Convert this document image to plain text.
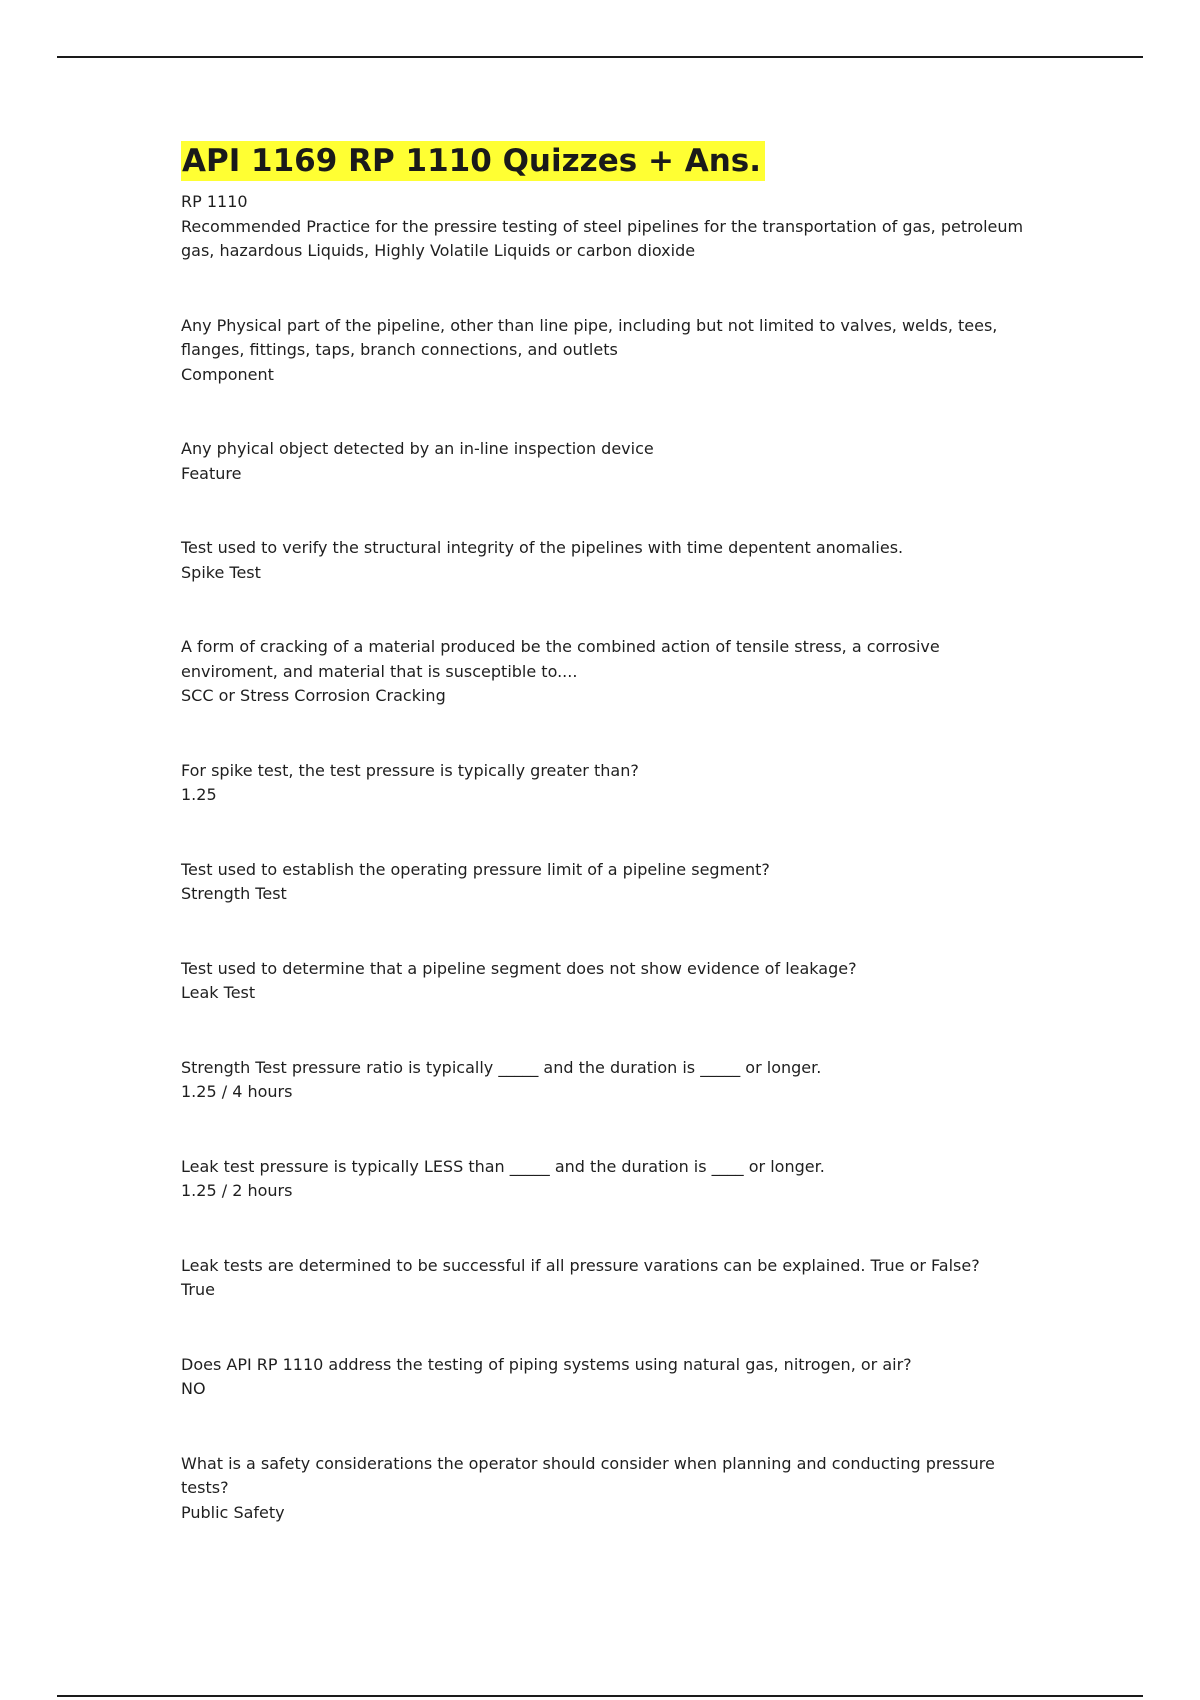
API 1169 RP 1110 Quizzes + Ans.

RP 1110

Recommended Practice for the pressire testing of steel pipelines for the transportation of gas, petroleum gas, hazardous Liquids, Highly Volatile Liquids or carbon dioxide

Any Physical part of the pipeline, other than line pipe, including but not limited to valves, welds, tees, flanges, fittings, taps, branch connections, and outlets

Component

Any phyical object detected by an in-line inspection device

Feature

Test used to verify the structural integrity of the pipelines with time depentent anomalies.

Spike Test

A form of cracking of a material produced be the combined action of tensile stress, a corrosive enviroment, and material that is susceptible to....

SCC or Stress Corrosion Cracking

For spike test, the test pressure is typically greater than?

1.25

Test used to establish the operating pressure limit of a pipeline segment?

Strength Test

Test used to determine that a pipeline segment does not show evidence of leakage?

Leak Test

Strength Test pressure ratio is typically _____ and the duration is _____ or longer.

1.25 / 4 hours

Leak test pressure is typically LESS than _____ and the duration is ____ or longer.

1.25 / 2 hours

Leak tests are determined to be successful if all pressure varations can be explained. True or False?

True

Does API RP 1110 address the testing of piping systems using natural gas, nitrogen, or air?

NO

What is a safety considerations the operator should consider when planning and conducting pressure tests?

Public Safety
